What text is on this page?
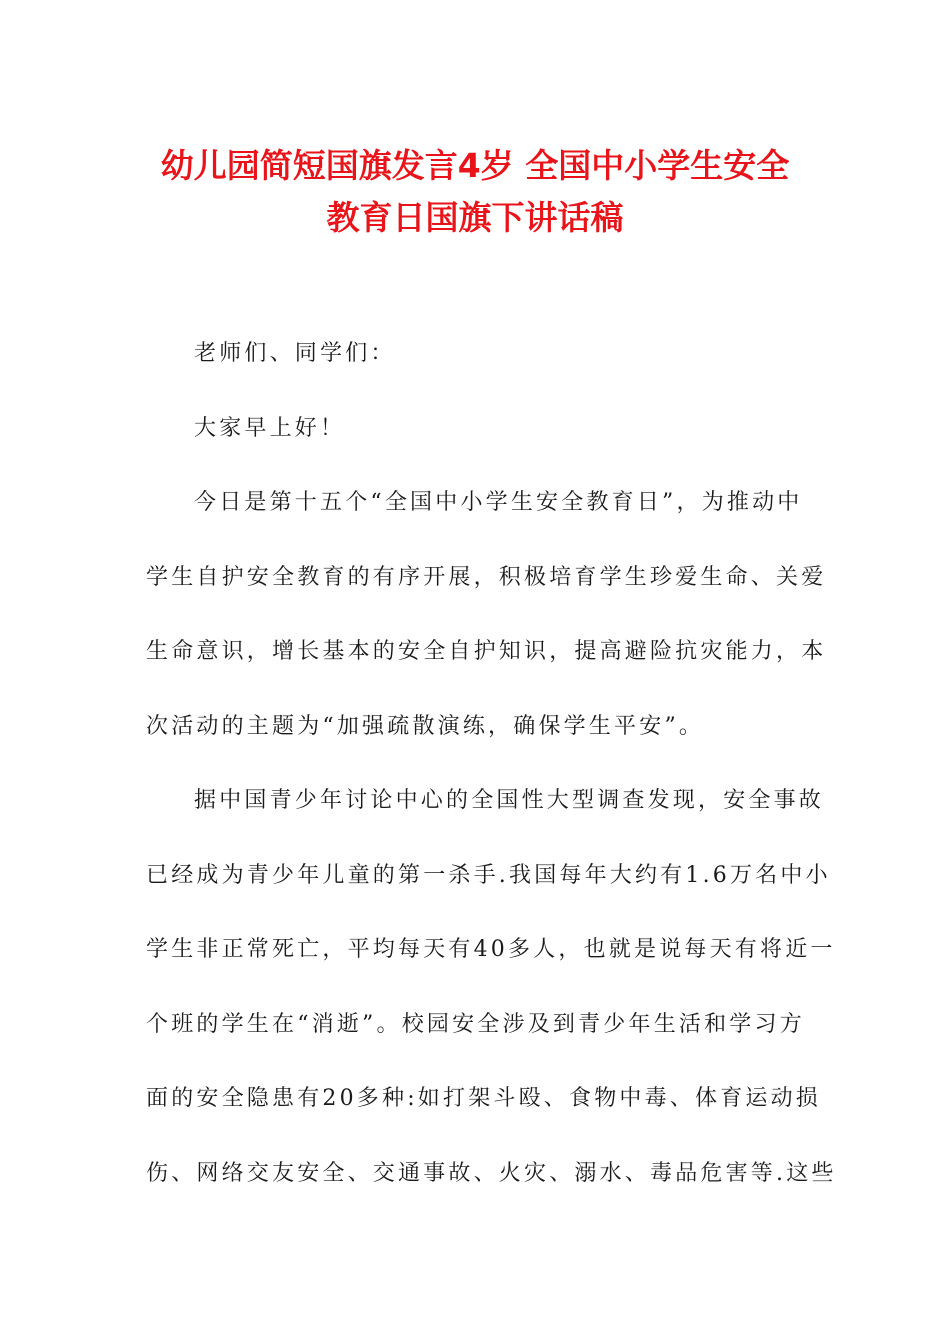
幼儿园简短国旗发言4岁 全国中小学生安全
教育日国旗下讲话稿
老师们、同学们：
大家早上好！
今日是第十五个“全国中小学生安全教育日”，为推动中
学生自护安全教育的有序开展，积极培育学生珍爱生命、关爱
生命意识，增长基本的安全自护知识，提高避险抗灾能力，本
次活动的主题为“加强疏散演练，确保学生平安”。
据中国青少年讨论中心的全国性大型调查发现，安全事故
已经成为青少年儿童的第一杀手.我国每年大约有1.6万名中小
学生非正常死亡，平均每天有40多人，也就是说每天有将近一
个班的学生在“消逝”。校园安全涉及到青少年生活和学习方
面的安全隐患有20多种:如打架斗殴、食物中毒、体育运动损
伤、网络交友安全、交通事故、火灾、溺水、毒品危害等.这些
